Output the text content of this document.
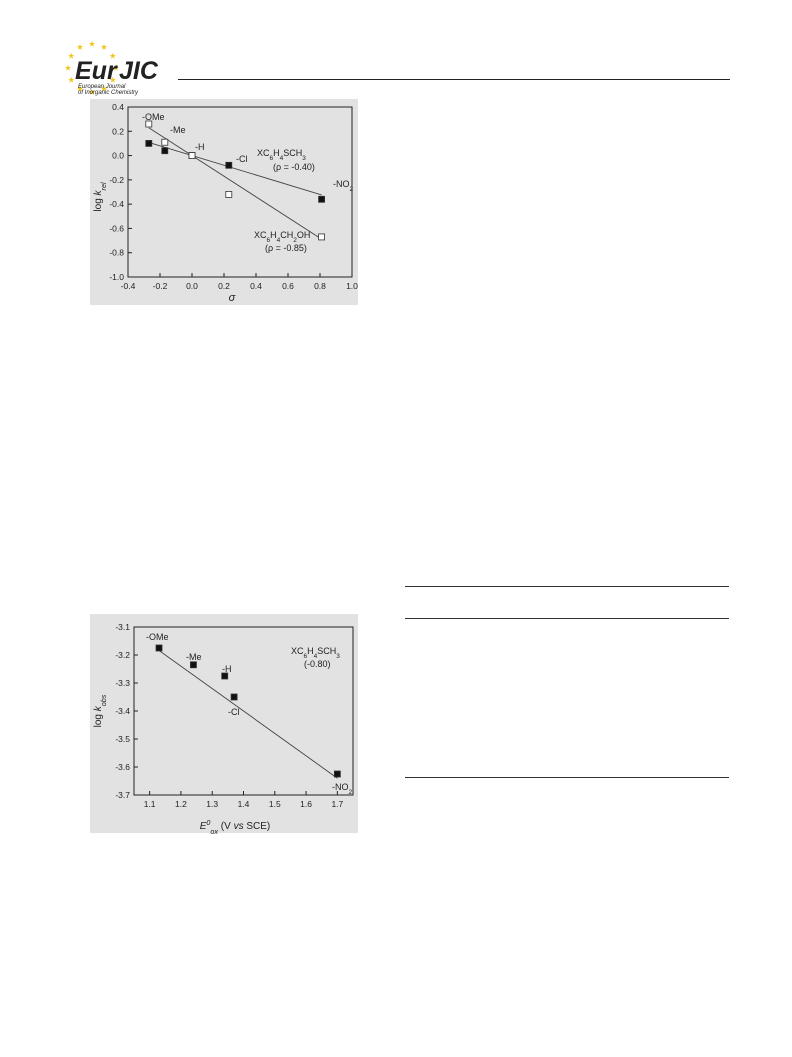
Eur JIC
European Journal
of Inorganic Chemistry
-0.4 -0.2 0.0 0.2 0.4 0.6 0.8 1.0
-1.0
-0.8
-0.6
-0.4
-0.2
0.0
0.2
0.4
σ
$\log k_{rel}$
-OMe
-Me
-H
-Cl
$-NO_2$
$XC_6H_4SCH_3$
(ρ = -0.40)
$XC_6H_4CH_2OH$
(ρ = -0.85)
1.1 1.2 1.3 1.4 1.5 1.6 1.7
-3.7
-3.6
-3.5
-3.4
-3.3
-3.2
-3.1
$E^0_{ox}$ (V vs SCE)
$\log k_{obs}$
-OMe
-Me
-H
-Cl
$-NO_2$
$XC_6H_4SCH_3$
(-0.80)
